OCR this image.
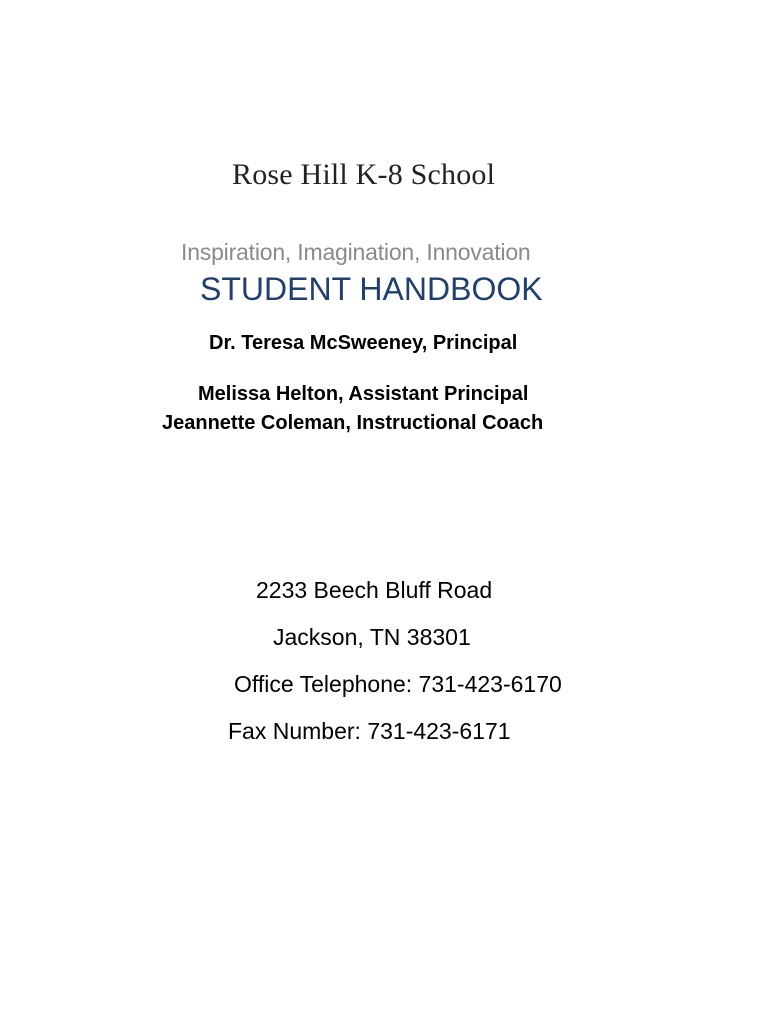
Rose Hill K-8 School
Inspiration, Imagination, Innovation
STUDENT HANDBOOK
Dr. Teresa McSweeney, Principal
Melissa Helton, Assistant Principal
Jeannette Coleman, Instructional Coach
2233 Beech Bluff Road
Jackson, TN 38301
Office Telephone: 731-423-6170
Fax Number: 731-423-6171
